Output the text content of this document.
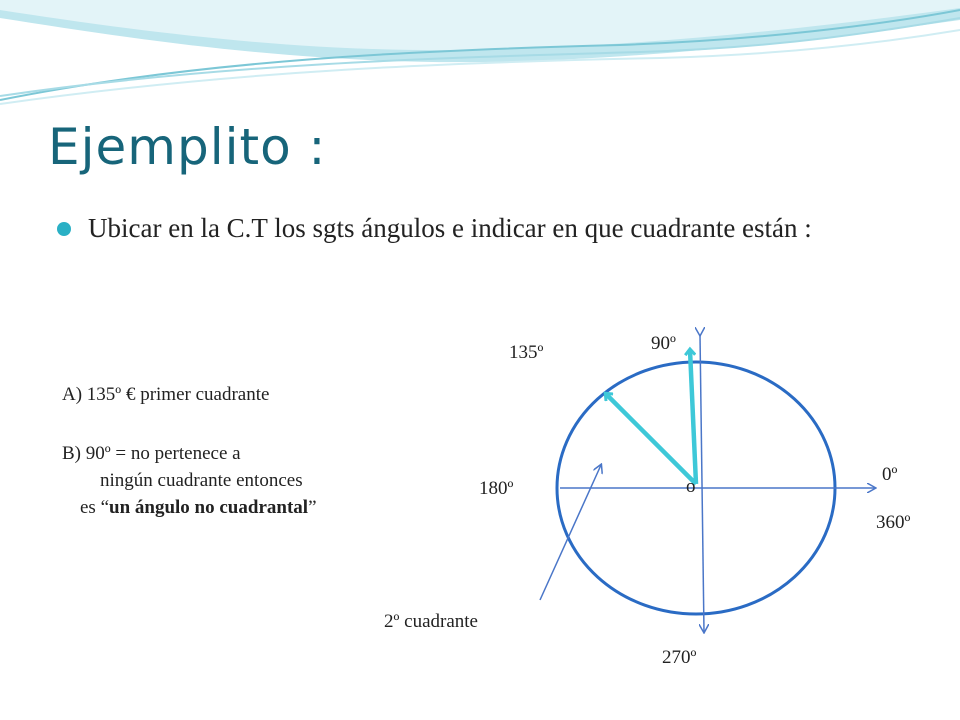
Ejemplito :
Ubicar en la C.T los sgts ángulos e indicar en que cuadrante están :
A) 135º € primer cuadrante
B) 90º = no pertenece a
ningún cuadrante entonces
es “un ángulo no cuadrantal”
90º
135º
180º	o
0º
360º
2º cuadrante
270º
